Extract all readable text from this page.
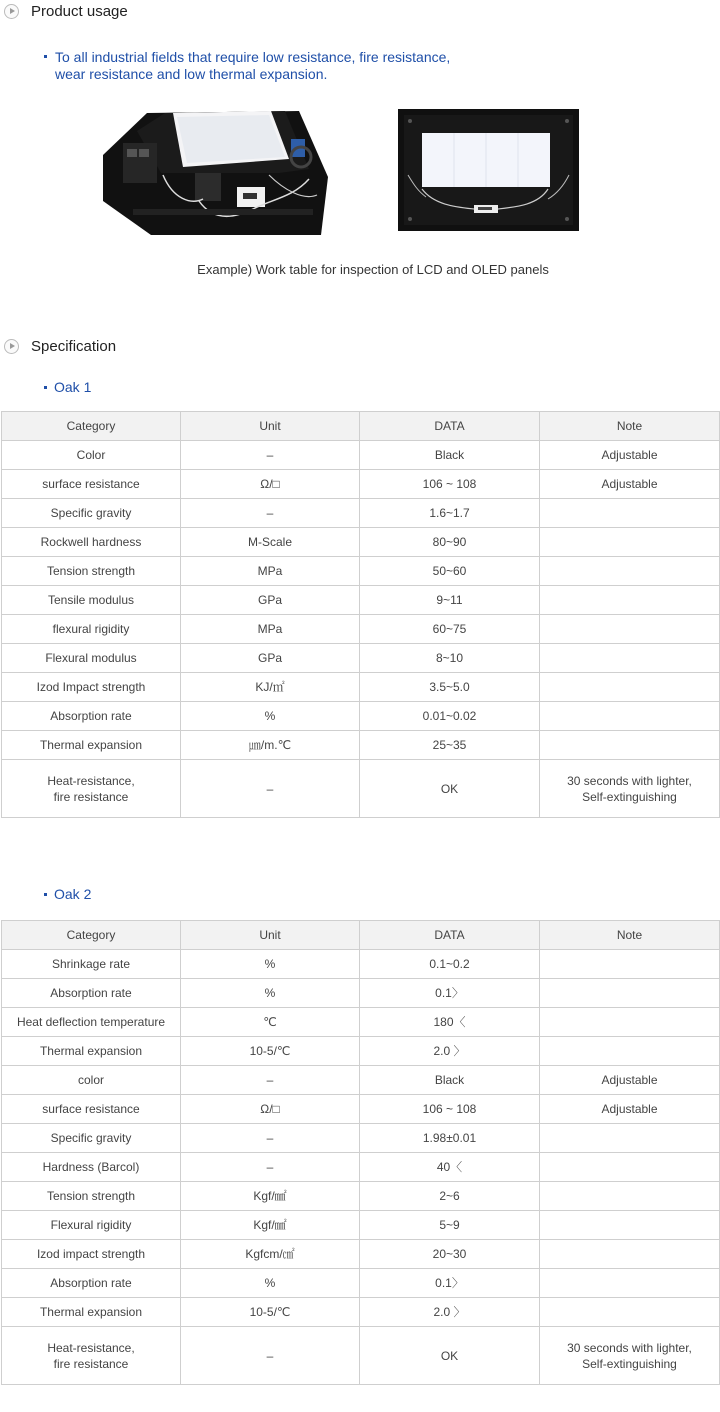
Product usage
To all industrial fields that require low resistance, fire resistance, wear resistance and low thermal expansion.
Example) Work table for inspection of LCD and OLED panels
Specification
Oak 1
Category	Unit	DATA	Note
Color	–	Black	Adjustable
surface resistance	Ω/□	106 ~ 108	Adjustable
Specific gravity	–	1.6~1.7	
Rockwell hardness	M-Scale	80~90	
Tension strength	MPa	50~60	
Tensile modulus	GPa	9~11	
flexural rigidity	MPa	60~75	
Flexural modulus	GPa	8~10	
Izod Impact strength	KJ/㎡	3.5~5.0	
Absorption rate	%	0.01~0.02	
Thermal expansion	㎛/m.℃	25~35	
Heat-resistance,
fire resistance	–	OK	30 seconds with lighter,
Self-extinguishing
Oak 2
Category	Unit	DATA	Note
Shrinkage rate	%	0.1~0.2	
Absorption rate	%	0.1〉	
Heat deflection temperature	℃	180〈	
Thermal expansion	10-5/℃	2.0 〉	
color	–	Black	Adjustable
surface resistance	Ω/□	106 ~ 108	Adjustable
Specific gravity	–	1.98±0.01	
Hardness (Barcol)	–	40〈	
Tension strength	Kgf/㎟	2~6	
Flexural rigidity	Kgf/㎟	5~9	
Izod impact strength	Kgfcm/㎠	20~30	
Absorption rate	%	0.1〉	
Thermal expansion	10-5/℃	2.0 〉	
Heat-resistance,
fire resistance	–	OK	30 seconds with lighter,
Self-extinguishing
